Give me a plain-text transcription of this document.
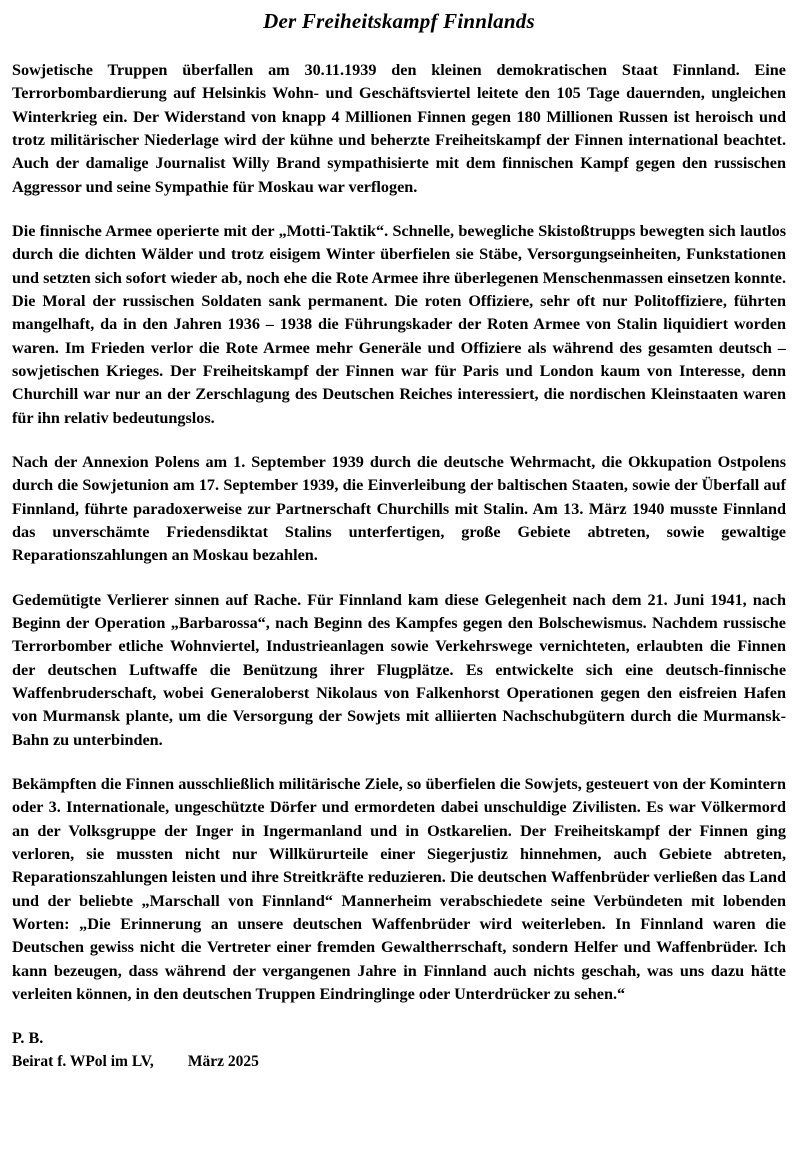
Der Freiheitskampf Finnlands

Sowjetische Truppen überfallen am 30.11.1939 den kleinen demokratischen Staat Finnland. Eine Terrorbombardierung auf Helsinkis Wohn- und Geschäftsviertel leitete den 105 Tage dauernden, ungleichen Winterkrieg ein. Der Widerstand von knapp 4 Millionen Finnen gegen 180 Millionen Russen ist heroisch und trotz militärischer Niederlage wird der kühne und beherzte Freiheitskampf der Finnen international beachtet. Auch der damalige Journalist Willy Brand sympathisierte mit dem finnischen Kampf gegen den russischen Aggressor und seine Sympathie für Moskau war verflogen.

Die finnische Armee operierte mit der „Motti-Taktik“. Schnelle, bewegliche Skistoßtrupps bewegten sich lautlos durch die dichten Wälder und trotz eisigem Winter überfielen sie Stäbe, Versorgungseinheiten, Funkstationen und setzten sich sofort wieder ab, noch ehe die Rote Armee ihre überlegenen Menschenmassen einsetzen konnte. Die Moral der russischen Soldaten sank permanent. Die roten Offiziere, sehr oft nur Politoffiziere, führten mangelhaft, da in den Jahren 1936 – 1938 die Führungskader der Roten Armee von Stalin liquidiert worden waren. Im Frieden verlor die Rote Armee mehr Generäle und Offiziere als während des gesamten deutsch – sowjetischen Krieges. Der Freiheitskampf der Finnen war für Paris und London kaum von Interesse, denn Churchill war nur an der Zerschlagung des Deutschen Reiches interessiert, die nordischen Kleinstaaten waren für ihn relativ bedeutungslos.

Nach der Annexion Polens am 1. September 1939 durch die deutsche Wehrmacht, die Okkupation Ostpolens durch die Sowjetunion am 17. September 1939, die Einverleibung der baltischen Staaten, sowie der Überfall auf Finnland, führte paradoxerweise zur Partnerschaft Churchills mit Stalin. Am 13. März 1940 musste Finnland das unverschämte Friedensdiktat Stalins unterfertigen, große Gebiete abtreten, sowie gewaltige Reparationszahlungen an Moskau bezahlen.

Gedemütigte Verlierer sinnen auf Rache. Für Finnland kam diese Gelegenheit nach dem 21. Juni 1941, nach Beginn der Operation „Barbarossa“, nach Beginn des Kampfes gegen den Bolschewismus. Nachdem russische Terrorbomber etliche Wohnviertel, Industrieanlagen sowie Verkehrswege vernichteten, erlaubten die Finnen der deutschen Luftwaffe die Benützung ihrer Flugplätze. Es entwickelte sich eine deutsch-finnische Waffenbruderschaft, wobei Generaloberst Nikolaus von Falkenhorst Operationen gegen den eisfreien Hafen von Murmansk plante, um die Versorgung der Sowjets mit alliierten Nachschubgütern durch die Murmansk-Bahn zu unterbinden.

Bekämpften die Finnen ausschließlich militärische Ziele, so überfielen die Sowjets, gesteuert von der Komintern oder 3. Internationale, ungeschützte Dörfer und ermordeten dabei unschuldige Zivilisten. Es war Völkermord an der Volksgruppe der Inger in Ingermanland und in Ostkarelien. Der Freiheitskampf der Finnen ging verloren, sie mussten nicht nur Willkürurteile einer Siegerjustiz hinnehmen, auch Gebiete abtreten, Reparationszahlungen leisten und ihre Streitkräfte reduzieren. Die deutschen Waffenbrüder verließen das Land und der beliebte „Marschall von Finnland“ Mannerheim verabschiedete seine Verbündeten mit lobenden Worten: „Die Erinnerung an unsere deutschen Waffenbrüder wird weiterleben. In Finnland waren die Deutschen gewiss nicht die Vertreter einer fremden Gewaltherrschaft, sondern Helfer und Waffenbrüder. Ich kann bezeugen, dass während der vergangenen Jahre in Finnland auch nichts geschah, was uns dazu hätte verleiten können, in den deutschen Truppen Eindringlinge oder Unterdrücker zu sehen.“

P. B.

Beirat f. WPol im LV, März 2025
